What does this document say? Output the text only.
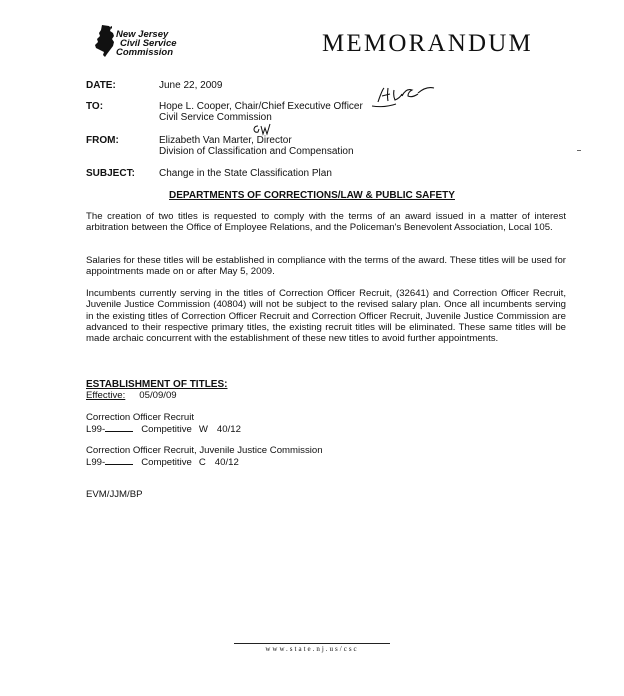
New Jersey
Civil Service
Commission	MEMORANDUM
DATE:	June 22, 2009
TO:	Hope L. Cooper, Chair/Chief Executive Officer
Civil Service Commission
FROM:	Elizabeth Van Marter, Director
Division of Classification and Compensation
SUBJECT: Change in the State Classification Plan
DEPARTMENTS OF CORRECTIONS/LAW & PUBLIC SAFETY
The creation of two titles is requested to comply with the terms of an award issued in a matter of interest arbitration between the Office of Employee Relations, and the Policeman's Benevolent Association, Local 105.
Salaries for these titles will be established in compliance with the terms of the award. These titles will be used for appointments made on or after May 5, 2009.
Incumbents currently serving in the titles of Correction Officer Recruit, (32641) and Correction Officer Recruit, Juvenile Justice Commission (40804) will not be subject to the revised salary plan. Once all incumbents serving in the existing titles of Correction Officer Recruit and Correction Officer Recruit, Juvenile Justice Commission are advanced to their respective primary titles, the existing recruit titles will be eliminated. These same titles will be made archaic concurrent with the establishment of these new titles to avoid further appointments.
ESTABLISHMENT OF TITLES:
Effective: 05/09/09
Correction Officer Recruit
L99-	Competitive W 40/12
Correction Officer Recruit, Juvenile Justice Commission
L99-	Competitive C 40/12
EVM/JJM/BP
www.state.nj.us/csc
